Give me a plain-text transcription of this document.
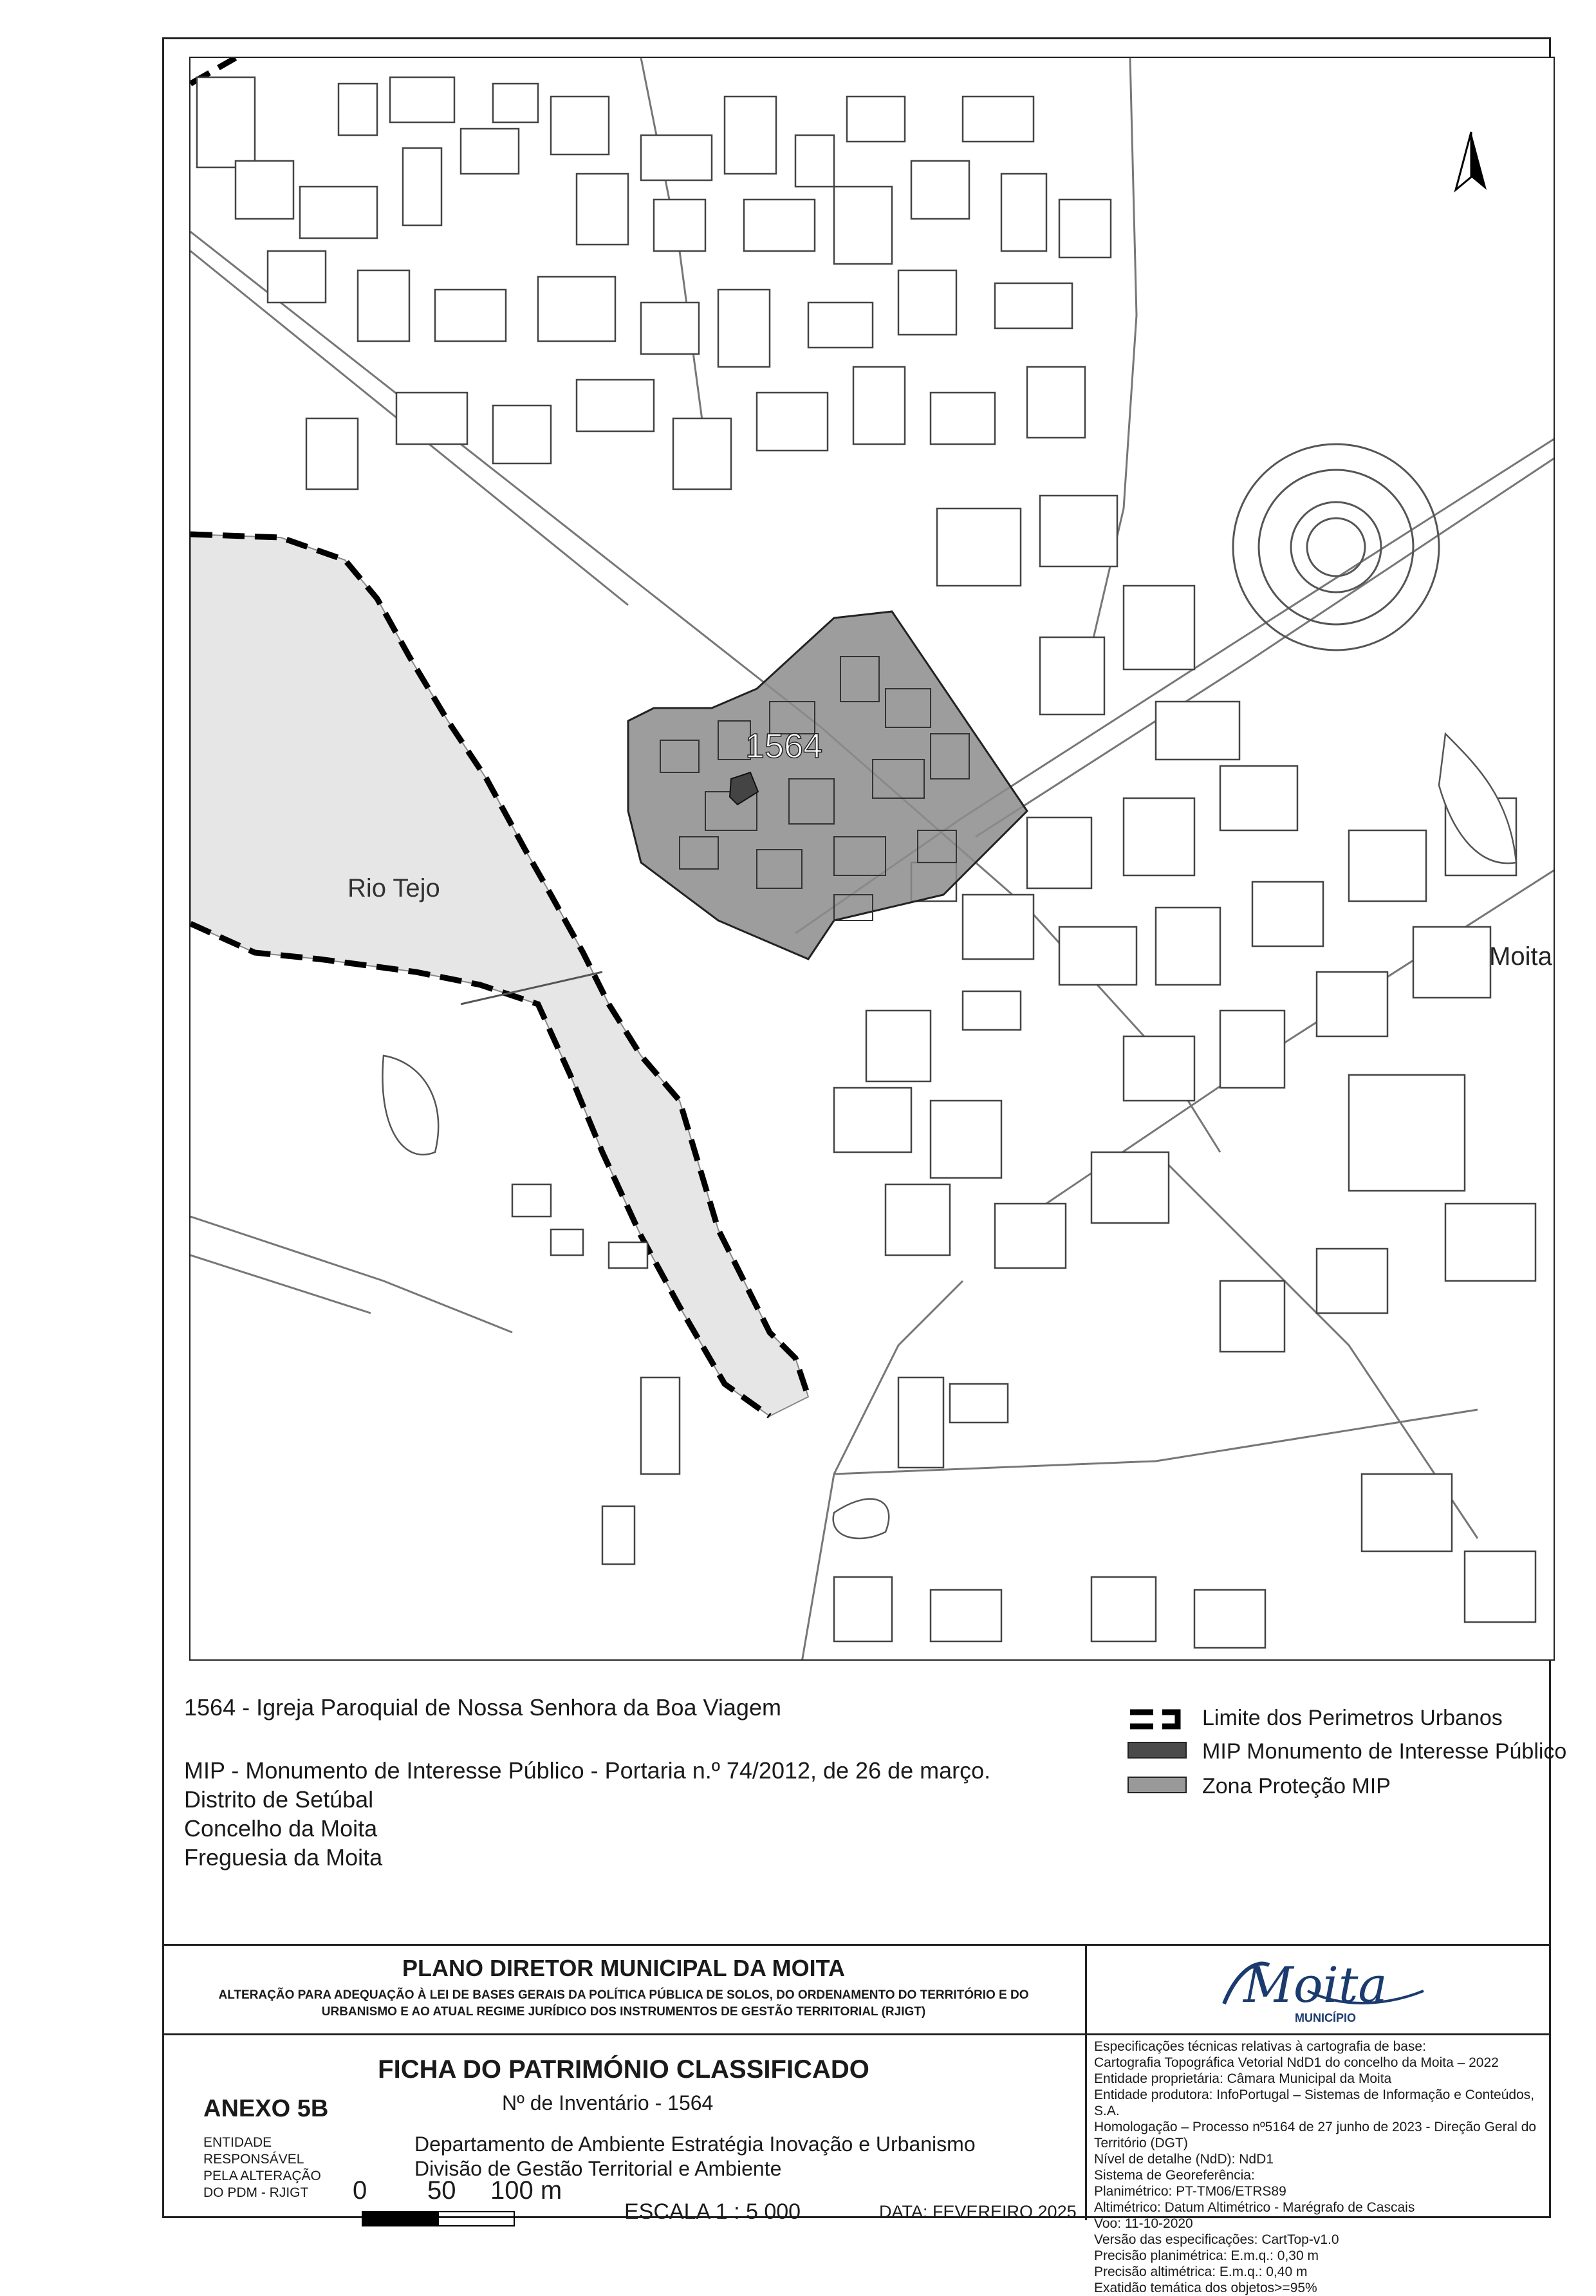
1564
Rio Tejo
Moita
1564 - Igreja Paroquial de Nossa Senhora da Boa Viagem
MIP - Monumento de Interesse Público - Portaria n.º 74/2012, de 26 de março.
Distrito de Setúbal
Concelho da Moita
Freguesia da Moita
Limite dos Perimetros Urbanos
MIP Monumento de Interesse Público
Zona Proteção MIP
PLANO DIRETOR MUNICIPAL DA MOITA
ALTERAÇÃO PARA ADEQUAÇÃO À LEI DE BASES GERAIS DA POLÍTICA PÚBLICA DE SOLOS, DO ORDENAMENTO DO TERRITÓRIO E DO
URBANISMO E AO ATUAL REGIME JURÍDICO DOS INSTRUMENTOS DE GESTÃO TERRITORIAL (RJIGT)	Moita
MUNICÍPIO
FICHA DO PATRIMÓNIO CLASSIFICADO
Nº de Inventário - 1564
ANEXO 5B
ENTIDADE
RESPONSÁVEL
PELA ALTERAÇÃO
DO PDM - RJIGT
Departamento de Ambiente Estratégia Inovação e Urbanismo
Divisão de Gestão Territorial e Ambiente
0 50 100 m
ESCALA 1 : 5 000	DATA: FEVEREIRO 2025
Especificações técnicas relativas à cartografia de base:
Cartografia Topográfica Vetorial NdD1 do concelho da Moita – 2022
Entidade proprietária: Câmara Municipal da Moita
Entidade produtora: InfoPortugal – Sistemas de Informação e Conteúdos, S.A.
Homologação – Processo nº5164 de 27 junho de 2023 - Direção Geral do
Território (DGT)
Nível de detalhe (NdD): NdD1
Sistema de Georeferência:
Planimétrico: PT-TM06/ETRS89
Altimétrico: Datum Altimétrico - Marégrafo de Cascais
Voo: 11-10-2020
Versão das especificações: CartTop-v1.0
Precisão planimétrica: E.m.q.: 0,30 m
Precisão altimétrica: E.m.q.: 0,40 m
Exatidão temática dos objetos>=95%
